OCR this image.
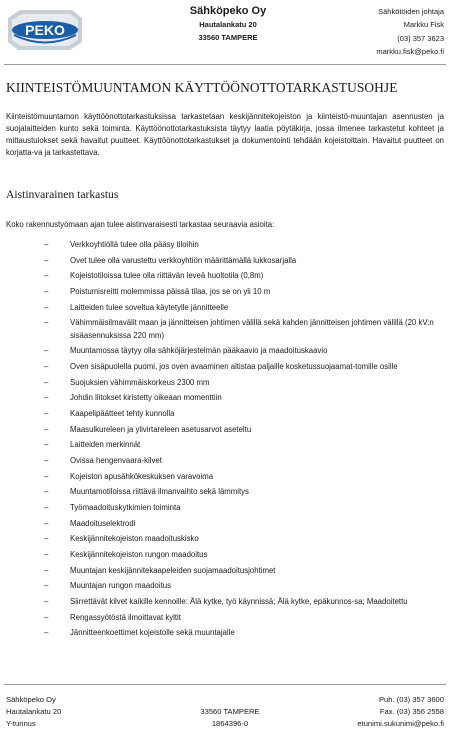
PEKO
Sähköpeko Oy
Hautalankatu 20
33560 TAMPERE
Sähkötöiden johtaja
Markku Fisk
(03) 357 3623
markku.fisk@peko.fi
KIINTEISTÖMUUNTAMON KÄYTTÖÖNOTTOTARKASTUSOHJE

Kiinteistömuuntamon käyttöönottotarkastuksissa tarkastetaan keskijännitekojeiston ja kiinteistö-muuntajan asennusten ja suojalaitteiden kunto sekä toiminta. Käyttöönottotarkastuksista täytyy laatia pöytäkirja, jossa ilmenee tarkastetut kohteet ja mittaustulokset sekä havaitut puutteet. Käyttöönottotarkastukset ja dokumentointi tehdään kojeistoittain. Havaitut puutteet on korjatta-va ja tarkastettava.

Aistinvarainen tarkastus

Koko rakennustyömaan ajan tulee aistinvaraisesti tarkastaa seuraavia asioita:

–	Verkkoyhtiöllä tulee olla pääsy tiloihin
–	Ovet tulee olla varustettu verkkoyhtiön määrittämällä lukkosarjalla
–	Kojeistotiloissa tulee olla riittävän leveä huoltotila (0,8m)
–	Poistumisreitti molemmissa päissä tilaa, jos se on yli 10 m
–	Laitteiden tulee soveltua käytetylle jännitteelle
–	Vähimmäisilmavälit maan ja jännitteisen johtimen välillä sekä kahden jännitteisen johtimen välillä (20 kV:n sisäasennuksissa 220 mm)
–	Muuntamossa täytyy olla sähköjärjestelmän pääkaavio ja maadoituskaavio
–	Oven sisäpuolella puomi, jos oven avaaminen altistaa paljaille kosketussuojaamat-tomille osille
–	Suojuksien vähimmäiskorkeus 2300 mm
–	Johdin liitokset kiristetty oikeaan momenttiin
–	Kaapelipäätteet tehty kunnolla
–	Maasulkureleen ja ylivirtareleen asetusarvot aseteltu
–	Laitteiden merkinnät
–	Ovissa hengenvaara-kilvet
–	Kojeiston apusähkökeskuksen varavoima
–	Muuntamotiloissa riittävä ilmanvaihto sekä lämmitys
–	Työmaadoituskytkimien toiminta
–	Maadoituselektrodi
–	Keskijännitekojeiston maadoituskisko
–	Keskijännitekojeiston rungon maadoitus
–	Muuntajan keskijännitekaapeleiden suojamaadoitusjohtimet
–	Muuntajan rungon maadoitus
–	Siirrettävät kilvet kaikille kennoille: Älä kytke, työ käynnissä; Älä kytke, epäkunnos-sa; Maadoitettu
–	Rengassyötöstä ilmoittavat kyltit
–	Jännitteenkoettimet kojeistolle sekä muuntajalle
Sähköpeko Oy
Hautalankatu 20
Y-tunnus
33560 TAMPERE
1864396-0
Puh. (03) 357 3600
Fax. (03) 356 2558
etunimi.sukunimi@peko.fi
